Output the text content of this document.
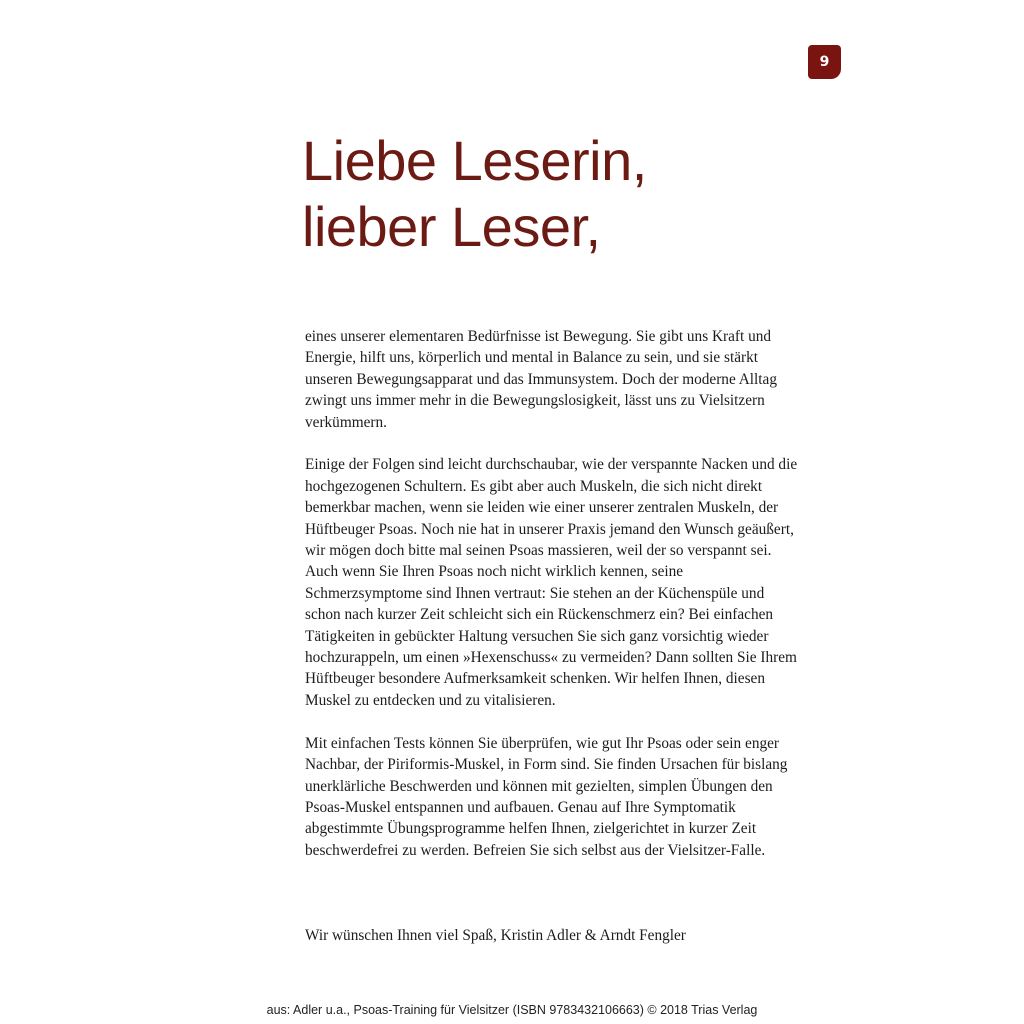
9
Liebe Leserin,
lieber Leser,

eines unserer elementaren Bedürfnisse ist Bewegung. Sie gibt uns Kraft und Energie, hilft uns, körperlich und mental in Balance zu sein, und sie stärkt unseren Bewegungsapparat und das Immunsystem. Doch der moderne Alltag zwingt uns immer mehr in die Bewegungslosigkeit, lässt uns zu Vielsitzern verkümmern.

Einige der Folgen sind leicht durchschaubar, wie der verspannte Nacken und die hochgezogenen Schultern. Es gibt aber auch Muskeln, die sich nicht direkt bemerkbar machen, wenn sie leiden wie einer unserer zentralen Muskeln, der Hüftbeuger Psoas. Noch nie hat in unserer Praxis jemand den Wunsch geäußert, wir mögen doch bitte mal seinen Psoas massieren, weil der so verspannt sei. Auch wenn Sie Ihren Psoas noch nicht wirklich kennen, seine Schmerzsymptome sind Ihnen vertraut: Sie stehen an der Küchenspüle und schon nach kurzer Zeit schleicht sich ein Rückenschmerz ein? Bei einfachen Tätigkeiten in gebückter Haltung versuchen Sie sich ganz vorsichtig wieder hochzurappeln, um einen »Hexenschuss« zu vermeiden? Dann sollten Sie Ihrem Hüftbeuger besondere Aufmerksamkeit schenken. Wir helfen Ihnen, diesen Muskel zu entdecken und zu vitalisieren.

Mit einfachen Tests können Sie überprüfen, wie gut Ihr Psoas oder sein enger Nachbar, der Piriformis-Muskel, in Form sind. Sie finden Ursachen für bislang unerklärliche Beschwerden und können mit gezielten, simplen Übungen den Psoas-Muskel entspannen und aufbauen. Genau auf Ihre Symptomatik abgestimmte Übungsprogramme helfen Ihnen, zielgerichtet in kurzer Zeit beschwerdefrei zu werden. Befreien Sie sich selbst aus der Vielsitzer-Falle.

Wir wünschen Ihnen viel Spaß, Kristin Adler & Arndt Fengler
aus: Adler u.a., Psoas-Training für Vielsitzer (ISBN 9783432106663) © 2018 Trias Verlag
